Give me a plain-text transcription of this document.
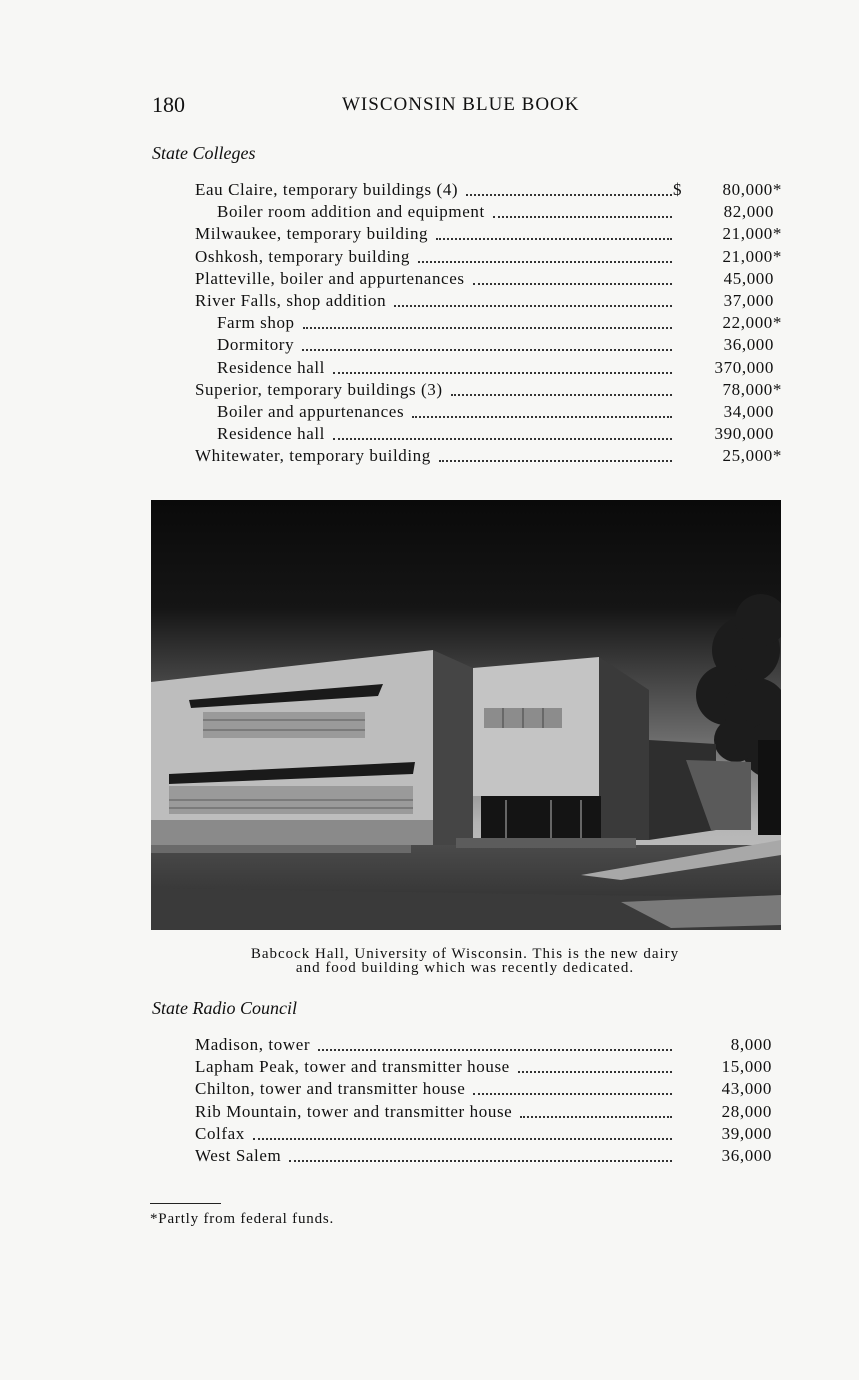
180	WISCONSIN BLUE BOOK
State Colleges
Eau Claire, temporary buildings (4)	$ 80,000*
Boiler room addition and equipment	82,000
Milwaukee, temporary building	21,000*
Oshkosh, temporary building	21,000*
Platteville, boiler and appurtenances	45,000
River Falls, shop addition	37,000
Farm shop	22,000*
Dormitory	36,000
Residence hall	370,000
Superior, temporary buildings (3)	78,000*
Boiler and appurtenances	34,000
Residence hall	390,000
Whitewater, temporary building	25,000*
Babcock Hall, University of Wisconsin. This is the new dairy
and food building which was recently dedicated.
State Radio Council
Madison, tower	8,000
Lapham Peak, tower and transmitter house	15,000
Chilton, tower and transmitter house	43,000
Rib Mountain, tower and transmitter house	28,000
Colfax	39,000
West Salem	36,000
*Partly from federal funds.
